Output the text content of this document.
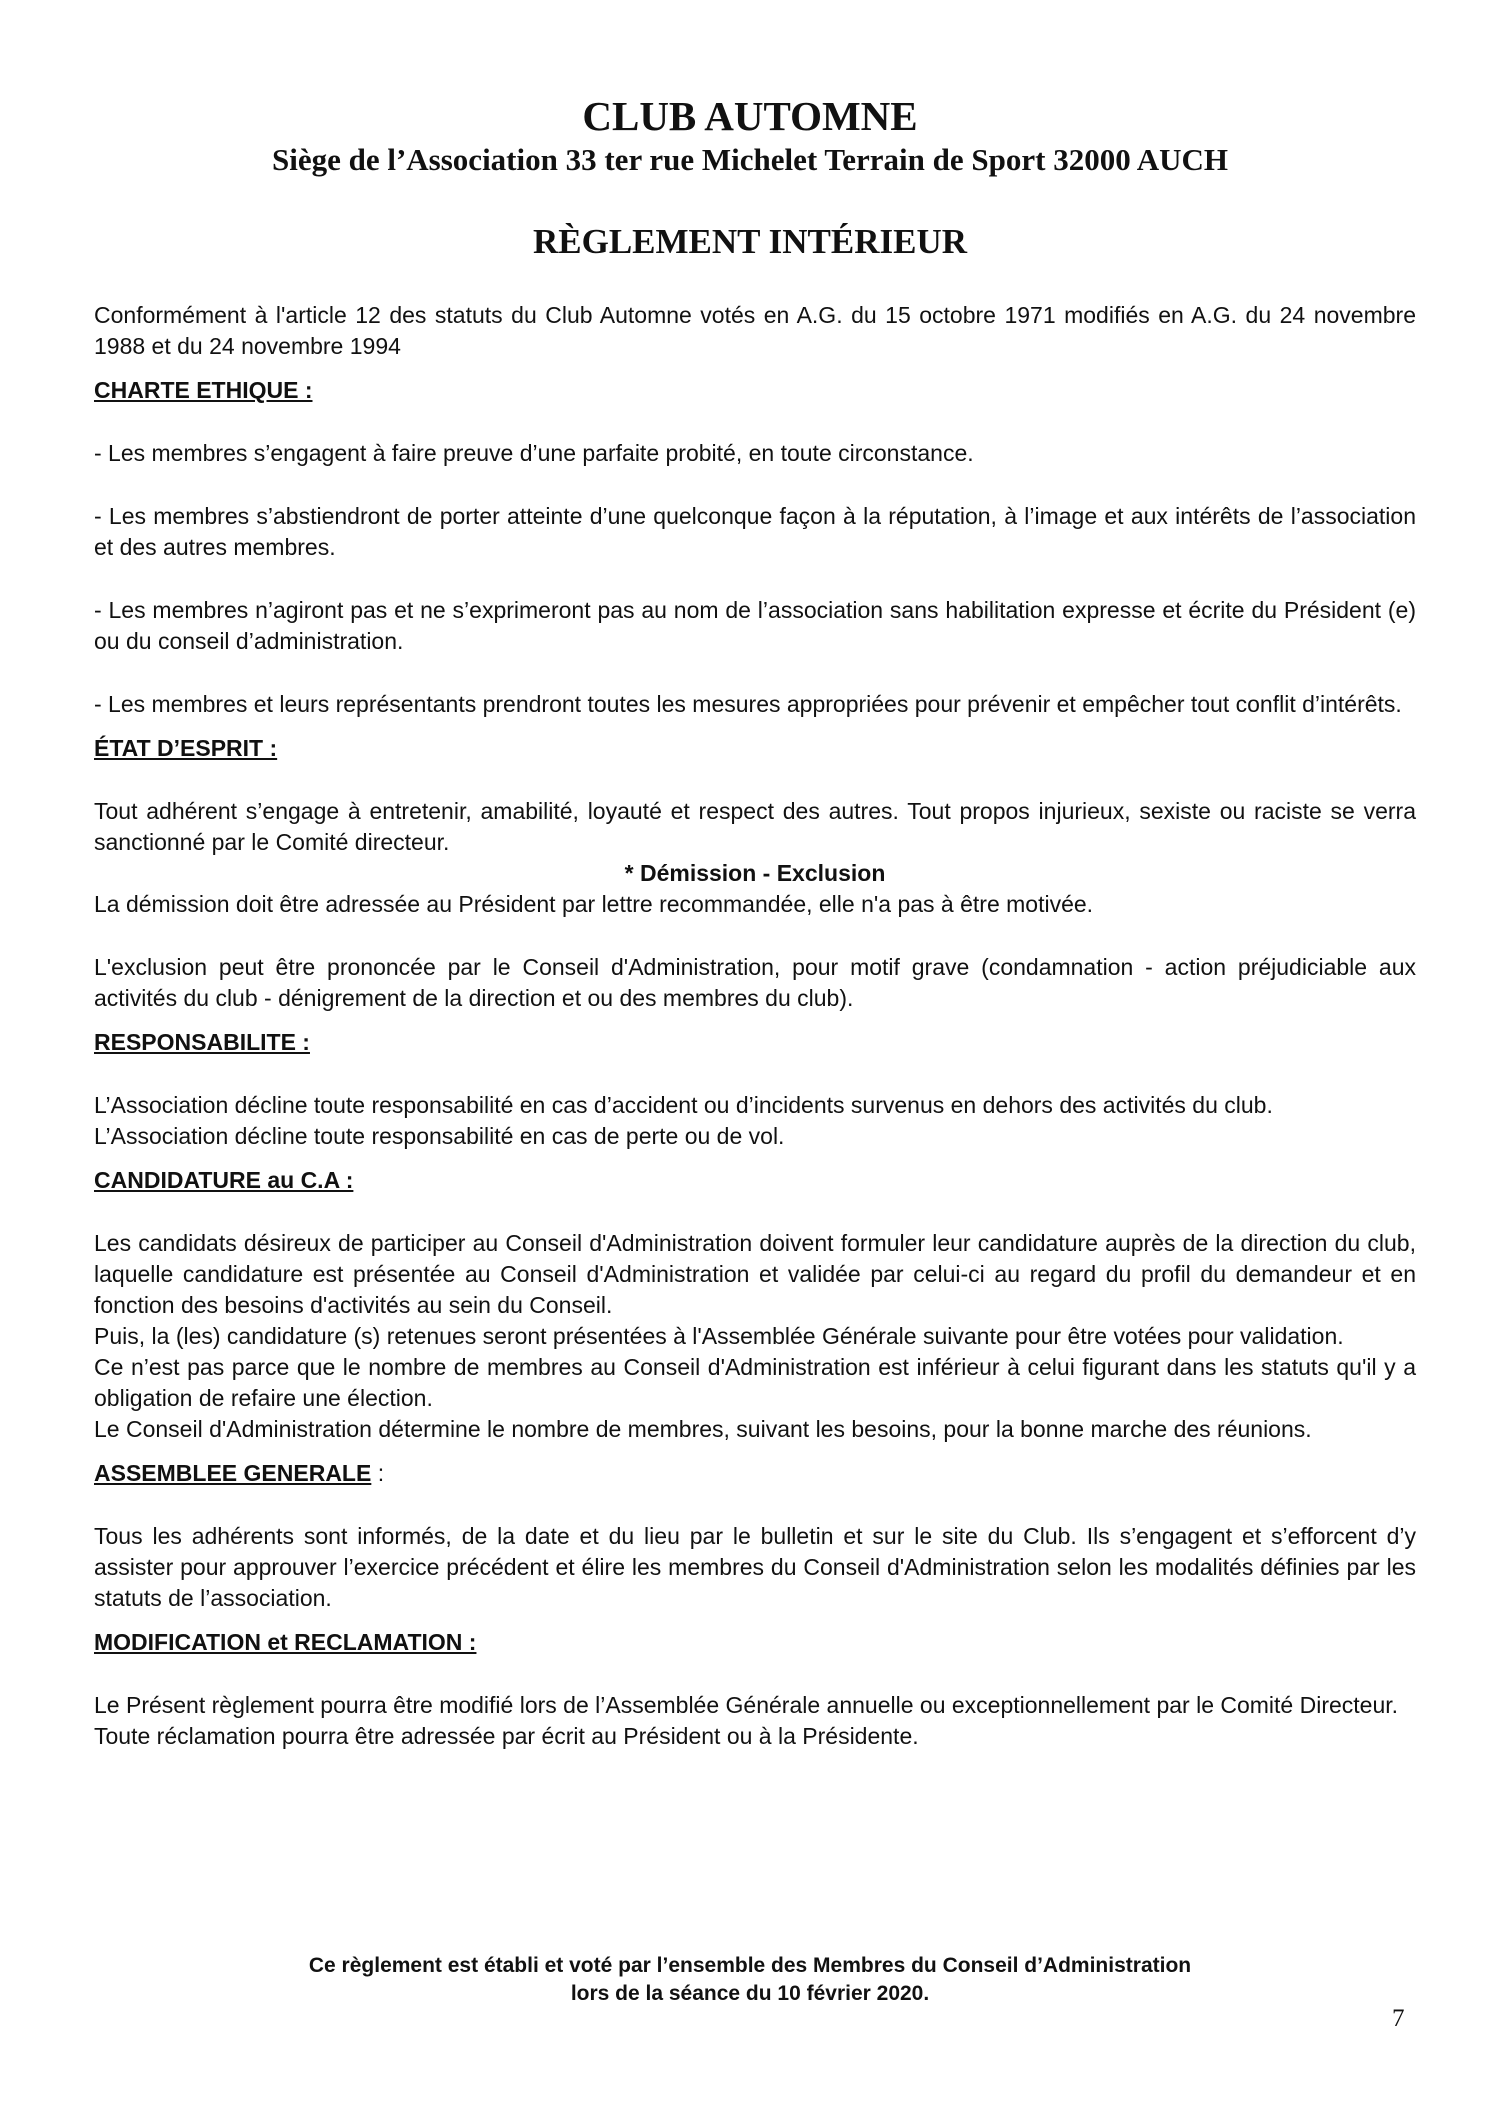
CLUB AUTOMNE
Siège de l’Association 33 ter rue Michelet Terrain de Sport 32000 AUCH
RÈGLEMENT INTÉRIEUR

Conformément à l'article 12 des statuts du Club Automne votés en A.G. du 15 octobre 1971 modifiés en A.G. du 24 novembre 1988 et du 24 novembre 1994

CHARTE ETHIQUE :

- Les membres s’engagent à faire preuve d’une parfaite probité, en toute circonstance.

- Les membres s’abstiendront de porter atteinte d’une quelconque façon à la réputation, à l’image et aux intérêts de l’association et des autres membres.

- Les membres n’agiront pas et ne s’exprimeront pas au nom de l’association sans habilitation expresse et écrite du Président (e) ou du conseil d’administration.

- Les membres et leurs représentants prendront toutes les mesures appropriées pour prévenir et empêcher tout conflit d’intérêts.

ÉTAT D’ESPRIT :

Tout adhérent s’engage à entretenir, amabilité, loyauté et respect des autres. Tout propos injurieux, sexiste ou raciste se verra sanctionné par le Comité directeur.

* Démission - Exclusion

La démission doit être adressée au Président par lettre recommandée, elle n'a pas à être motivée.

L'exclusion peut être prononcée par le Conseil d'Administration, pour motif grave (condamnation - action préjudiciable aux activités du club - dénigrement de la direction et ou des membres du club).

RESPONSABILITE :

L’Association décline toute responsabilité en cas d’accident ou d’incidents survenus en dehors des activités du club.

L’Association décline toute responsabilité en cas de perte ou de vol.

CANDIDATURE au C.A :

Les candidats désireux de participer au Conseil d'Administration doivent formuler leur candidature auprès de la direction du club, laquelle candidature est présentée au Conseil d'Administration et validée par celui-ci au regard du profil du demandeur et en fonction des besoins d'activités au sein du Conseil.

Puis, la (les) candidature (s) retenues seront présentées à l'Assemblée Générale suivante pour être votées pour validation.

Ce n’est pas parce que le nombre de membres au Conseil d'Administration est inférieur à celui figurant dans les statuts qu'il y a obligation de refaire une élection.

Le Conseil d'Administration détermine le nombre de membres, suivant les besoins, pour la bonne marche des réunions.

ASSEMBLEE GENERALE :

Tous les adhérents sont informés, de la date et du lieu par le bulletin et sur le site du Club. Ils s’engagent et s’efforcent d’y assister pour approuver l’exercice précédent et élire les membres du Conseil d'Administration selon les modalités définies par les statuts de l’association.

MODIFICATION et RECLAMATION :

Le Présent règlement pourra être modifié lors de l’Assemblée Générale annuelle ou exceptionnellement par le Comité Directeur.

Toute réclamation pourra être adressée par écrit au Président ou à la Présidente.

Ce règlement est établi et voté par l’ensemble des Membres du Conseil d’Administration

lors de la séance du 10 février 2020.

7
